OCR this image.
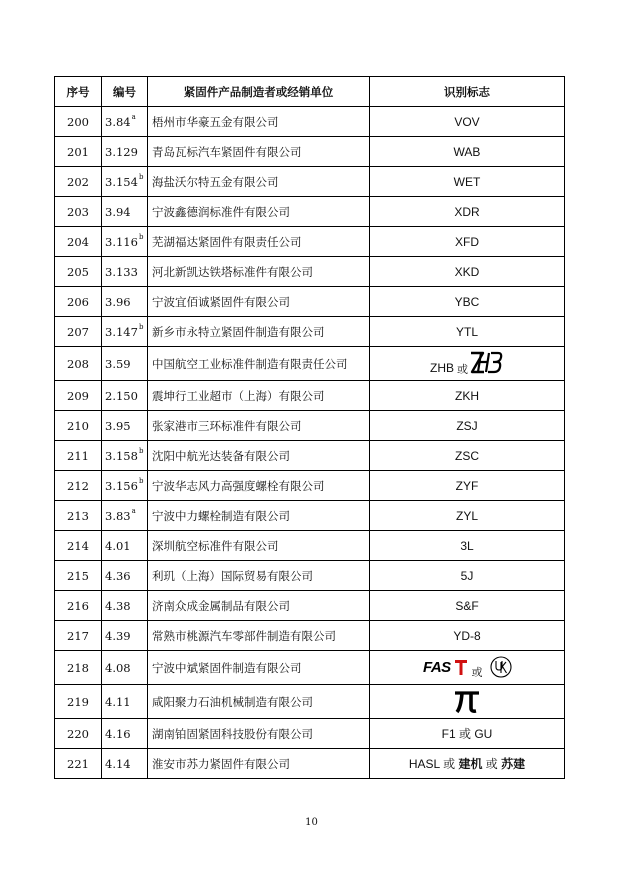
序号	编号	紧固件产品制造者或经销单位	识别标志
200	3.84$^a$	梧州市华豪五金有限公司	VOV
201	3.129	青岛瓦标汽车紧固件有限公司	WAB
202	3.154$^b$	海盐沃尔特五金有限公司	WET
203	3.94	宁波鑫德润标准件有限公司	XDR
204	3.116$^b$	芜湖福达紧固件有限责任公司	XFD
205	3.133	河北新凯达铁塔标准件有限公司	XKD
206	3.96	宁波宜佰诚紧固件有限公司	YBC
207	3.147$^b$	新乡市永特立紧固件制造有限公司	YTL
208	3.59	中国航空工业标准件制造有限责任公司	ZHB 或
209	2.150	震坤行工业超市（上海）有限公司	ZKH
210	3.95	张家港市三环标准件有限公司	ZSJ
211	3.158$^b$	沈阳中航光达装备有限公司	ZSC
212	3.156$^b$	宁波华志风力高强度螺栓有限公司	ZYF
213	3.83$^a$	宁波中力螺栓制造有限公司	ZYL
214	4.01	深圳航空标准件有限公司	3L
215	4.36	利玑（上海）国际贸易有限公司	5J
216	4.38	济南众成金属制品有限公司	S&F
217	4.39	常熟市桃源汽车零部件制造有限公司	YD-8
218	4.08	宁波中斌紧固件制造有限公司	FAS 或
219	4.11	咸阳聚力石油机械制造有限公司	
220	4.16	湖南铂固紧固科技股份有限公司	F1 或 GU
221	4.14	淮安市苏力紧固件有限公司	HASL 或 建机 或 苏建
10
